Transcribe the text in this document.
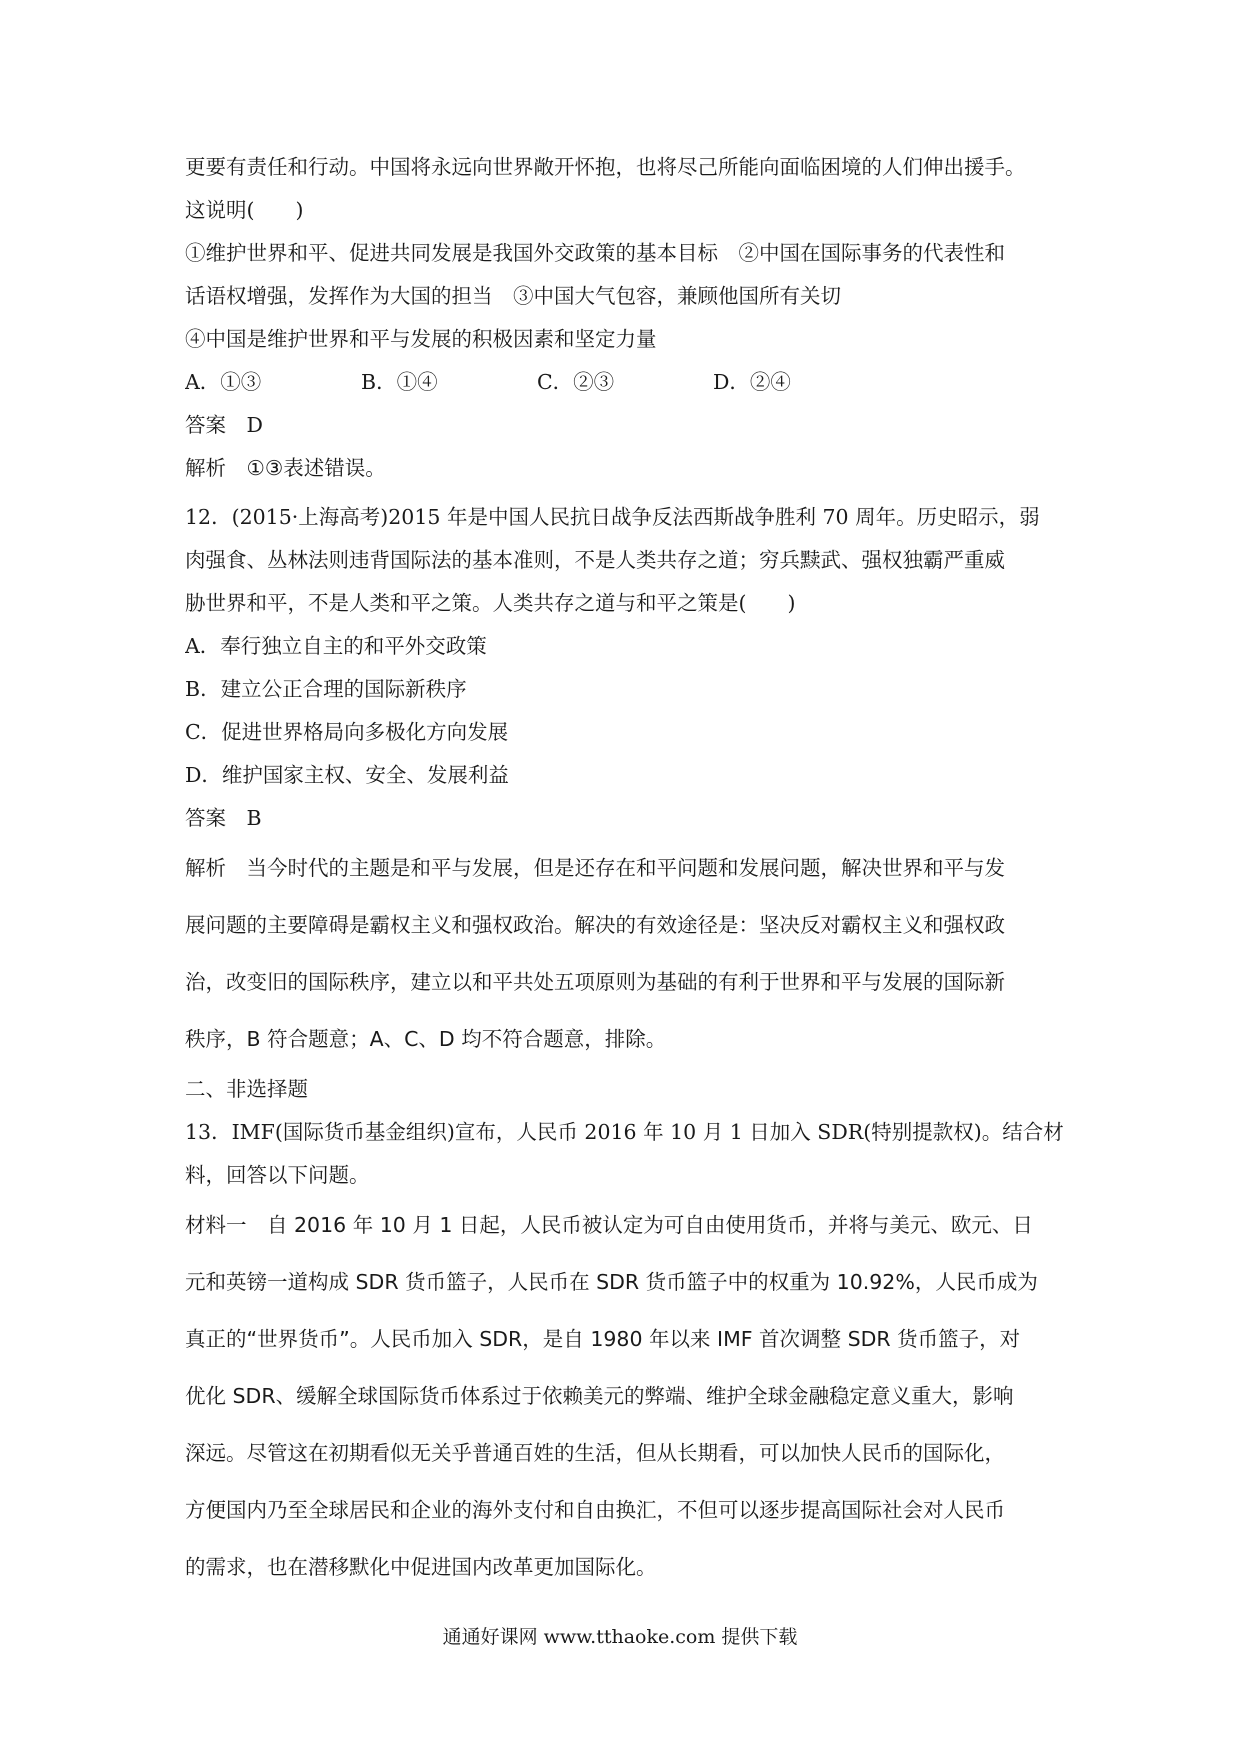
更要有责任和行动。中国将永远向世界敞开怀抱，也将尽己所能向面临困境的人们伸出援手。
这说明(　　)
①维护世界和平、促进共同发展是我国外交政策的基本目标　②中国在国际事务的代表性和
话语权增强，发挥作为大国的担当　③中国大气包容，兼顾他国所有关切
④中国是维护世界和平与发展的积极因素和坚定力量
A．①③	B．①④	C．②③	D．②④
答案　D
解析　①③表述错误。
12．(2015·上海高考)2015 年是中国人民抗日战争反法西斯战争胜利 70 周年。历史昭示，弱
肉强食、丛林法则违背国际法的基本准则，不是人类共存之道；穷兵黩武、强权独霸严重威
胁世界和平，不是人类和平之策。人类共存之道与和平之策是(　　)
A．奉行独立自主的和平外交政策
B．建立公正合理的国际新秩序
C．促进世界格局向多极化方向发展
D．维护国家主权、安全、发展利益
答案　B
解析　当今时代的主题是和平与发展，但是还存在和平问题和发展问题，解决世界和平与发
展问题的主要障碍是霸权主义和强权政治。解决的有效途径是：坚决反对霸权主义和强权政
治，改变旧的国际秩序，建立以和平共处五项原则为基础的有利于世界和平与发展的国际新
秩序，B 符合题意；A、C、D 均不符合题意，排除。
二、非选择题
13．IMF(国际货币基金组织)宣布，人民币 2016 年 10 月 1 日加入 SDR(特别提款权)。结合材
料，回答以下问题。
材料一　自 2016 年 10 月 1 日起，人民币被认定为可自由使用货币，并将与美元、欧元、日
元和英镑一道构成 SDR 货币篮子，人民币在 SDR 货币篮子中的权重为 10.92%，人民币成为
真正的“世界货币”。人民币加入 SDR，是自 1980 年以来 IMF 首次调整 SDR 货币篮子，对
优化 SDR、缓解全球国际货币体系过于依赖美元的弊端、维护全球金融稳定意义重大，影响
深远。尽管这在初期看似无关乎普通百姓的生活，但从长期看，可以加快人民币的国际化，
方便国内乃至全球居民和企业的海外支付和自由换汇，不但可以逐步提高国际社会对人民币
的需求，也在潜移默化中促进国内改革更加国际化。
通通好课网 www.tthaoke.com 提供下载
